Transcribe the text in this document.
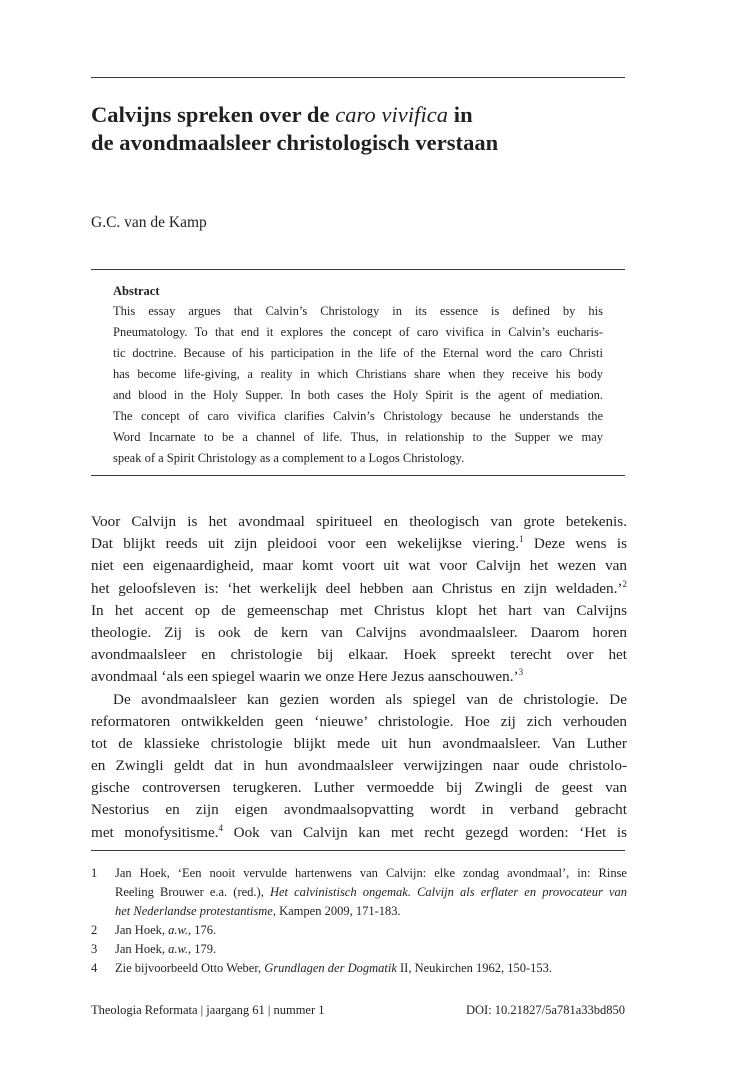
Calvijns spreken over de caro vivifica in
de avondmaalsleer christologisch verstaan
G.C. van de Kamp
Abstract
This essay argues that Calvin’s Christology in its essence is defined by his
Pneumatology. To that end it explores the concept of caro vivifica in Calvin’s eucharis-
tic doctrine. Because of his participation in the life of the Eternal word the caro Christi
has become life-giving, a reality in which Christians share when they receive his body
and blood in the Holy Supper. In both cases the Holy Spirit is the agent of mediation.
The concept of caro vivifica clarifies Calvin’s Christology because he understands the
Word Incarnate to be a channel of life. Thus, in relationship to the Supper we may
speak of a Spirit Christology as a complement to a Logos Christology.
Voor Calvijn is het avondmaal spiritueel en theologisch van grote betekenis.
Dat blijkt reeds uit zijn pleidooi voor een wekelijkse viering.$^1$ Deze wens is
niet een eigenaardigheid, maar komt voort uit wat voor Calvijn het wezen van
het geloofsleven is: ‘het werkelijk deel hebben aan Christus en zijn weldaden.’$^2$
In het accent op de gemeenschap met Christus klopt het hart van Calvijns
theologie. Zij is ook de kern van Calvijns avondmaalsleer. Daarom horen
avondmaalsleer en christologie bij elkaar. Hoek spreekt terecht over het
avondmaal ‘als een spiegel waarin we onze Here Jezus aanschouwen.’$^3$
De avondmaalsleer kan gezien worden als spiegel van de christologie. De
reformatoren ontwikkelden geen ‘nieuwe’ christologie. Hoe zij zich verhouden
tot de klassieke christologie blijkt mede uit hun avondmaalsleer. Van Luther
en Zwingli geldt dat in hun avondmaalsleer verwijzingen naar oude christolo-
gische controversen terugkeren. Luther vermoedde bij Zwingli de geest van
Nestorius en zijn eigen avondmaalsopvatting wordt in verband gebracht
met monofysitisme.$^4$ Ook van Calvijn kan met recht gezegd worden: ‘Het is
1	Jan Hoek, ‘Een nooit vervulde hartenwens van Calvijn: elke zondag avondmaal’, in: Rinse
Reeling Brouwer e.a. (red.), Het calvinistisch ongemak. Calvijn als erflater en provocateur van
het Nederlandse protestantisme, Kampen 2009, 171-183.
2	Jan Hoek, a.w., 176.
3	Jan Hoek, a.w., 179.
4	Zie bijvoorbeeld Otto Weber, Grundlagen der Dogmatik II, Neukirchen 1962, 150-153.
Theologia Reformata | jaargang 61 | nummer 1	DOI: 10.21827/5a781a33bd850
